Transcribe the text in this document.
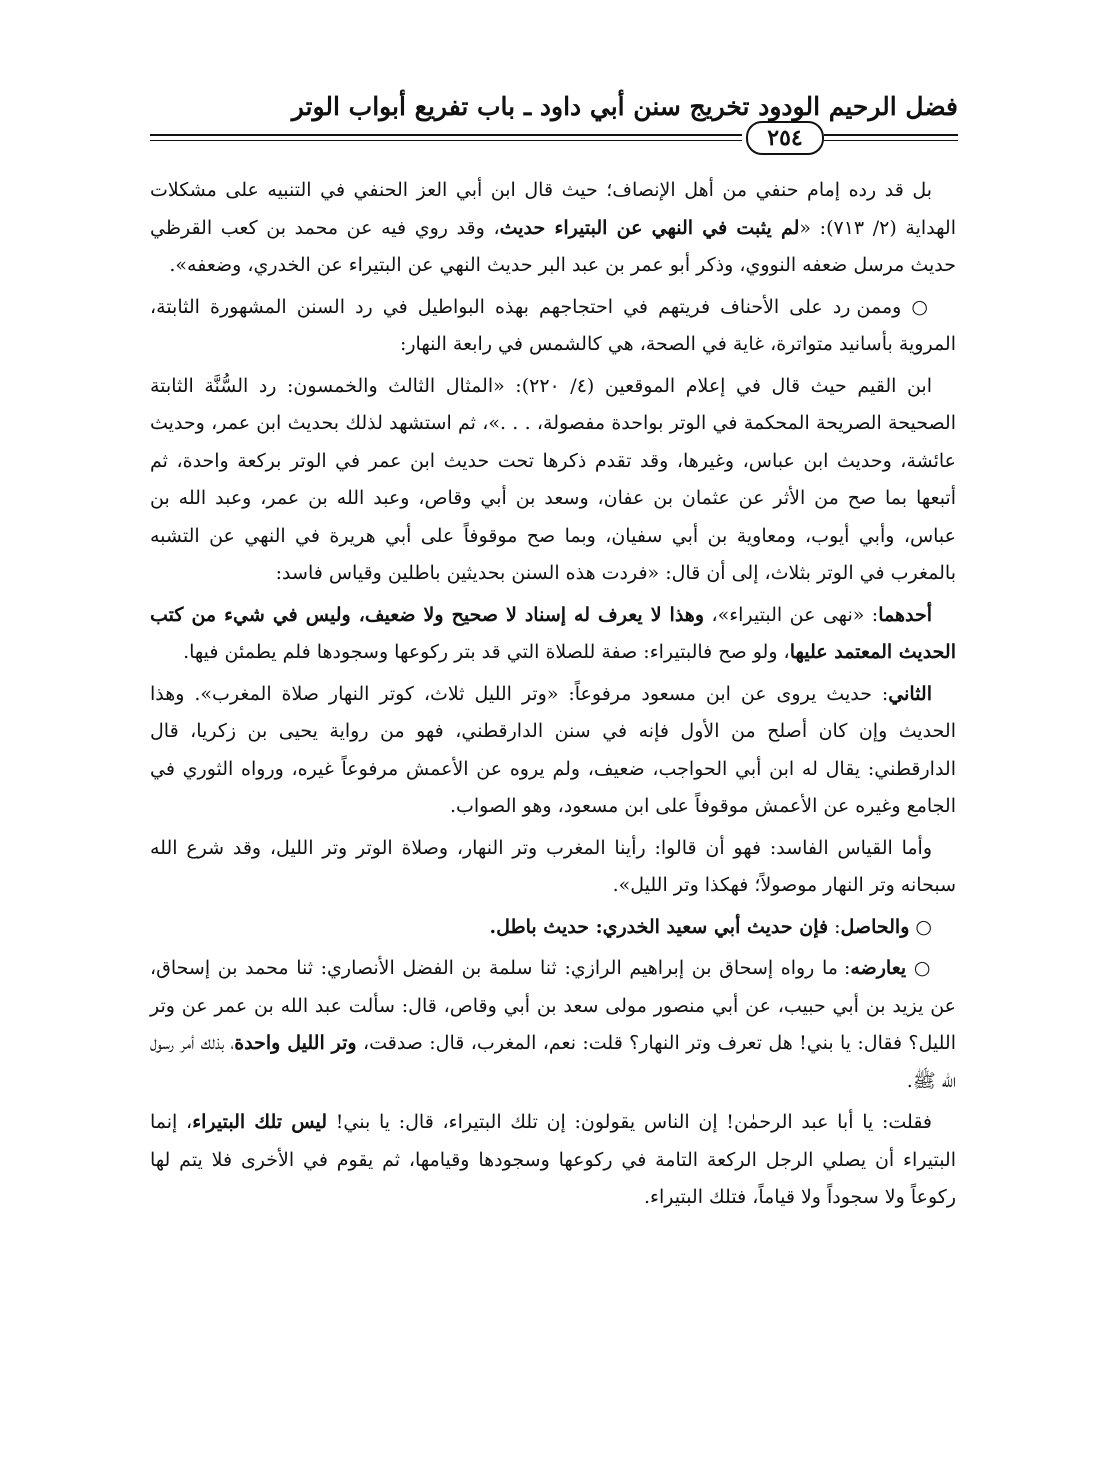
فضل الرحيم الودود تخريج سنن أبي داود ـ باب تفريع أبواب الوتر
٢٥٤

بل قد رده إمام حنفي من أهل الإنصاف؛ حيث قال ابن أبي العز الحنفي في التنبيه على مشكلات الهداية (٢/ ٧١٣): «لم يثبت في النهي عن البتيراء حديث، وقد روي فيه عن محمد بن كعب القرظي حديث مرسل ضعفه النووي، وذكر أبو عمر بن عبد البر حديث النهي عن البتيراء عن الخدري، وضعفه».

○ وممن رد على الأحناف فريتهم في احتجاجهم بهذه البواطيل في رد السنن المشهورة الثابتة، المروية بأسانيد متواترة، غاية في الصحة، هي كالشمس في رابعة النهار:

ابن القيم حيث قال في إعلام الموقعين (٤/ ٢٢٠): «المثال الثالث والخمسون: رد السُّنَّة الثابتة الصحيحة الصريحة المحكمة في الوتر بواحدة مفصولة، . . .»، ثم استشهد لذلك بحديث ابن عمر، وحديث عائشة، وحديث ابن عباس، وغيرها، وقد تقدم ذكرها تحت حديث ابن عمر في الوتر بركعة واحدة، ثم أتبعها بما صح من الأثر عن عثمان بن عفان، وسعد بن أبي وقاص، وعبد الله بن عمر، وعبد الله بن عباس، وأبي أيوب، ومعاوية بن أبي سفيان، وبما صح موقوفاً على أبي هريرة في النهي عن التشبه بالمغرب في الوتر بثلاث، إلى أن قال: «فردت هذه السنن بحديثين باطلين وقياس فاسد:

أحدهما: «نهى عن البتيراء»، وهذا لا يعرف له إسناد لا صحيح ولا ضعيف، وليس في شيء من كتب الحديث المعتمد عليها، ولو صح فالبتيراء: صفة للصلاة التي قد بتر ركوعها وسجودها فلم يطمئن فيها.

الثاني: حديث يروى عن ابن مسعود مرفوعاً: «وتر الليل ثلاث، كوتر النهار صلاة المغرب». وهذا الحديث وإن كان أصلح من الأول فإنه في سنن الدارقطني، فهو من رواية يحيى بن زكريا، قال الدارقطني: يقال له ابن أبي الحواجب، ضعيف، ولم يروه عن الأعمش مرفوعاً غيره، ورواه الثوري في الجامع وغيره عن الأعمش موقوفاً على ابن مسعود، وهو الصواب.

وأما القياس الفاسد: فهو أن قالوا: رأينا المغرب وتر النهار، وصلاة الوتر وتر الليل، وقد شرع الله سبحانه وتر النهار موصولاً؛ فهكذا وتر الليل».

○ والحاصل: فإن حديث أبي سعيد الخدري: حديث باطل.

○ يعارضه: ما رواه إسحاق بن إبراهيم الرازي: ثنا سلمة بن الفضل الأنصاري: ثنا محمد بن إسحاق، عن يزيد بن أبي حبيب، عن أبي منصور مولى سعد بن أبي وقاص، قال: سألت عبد الله بن عمر عن وتر الليل؟ فقال: يا بني! هل تعرف وتر النهار؟ قلت: نعم، المغرب، قال: صدقت، وتر الليل واحدة، بذلك أمر رسول الله ﷺ.

فقلت: يا أبا عبد الرحمٰن! إن الناس يقولون: إن تلك البتيراء، قال: يا بني! ليس تلك البتيراء، إنما البتيراء أن يصلي الرجل الركعة التامة في ركوعها وسجودها وقيامها، ثم يقوم في الأخرى فلا يتم لها ركوعاً ولا سجوداً ولا قياماً، فتلك البتيراء.
